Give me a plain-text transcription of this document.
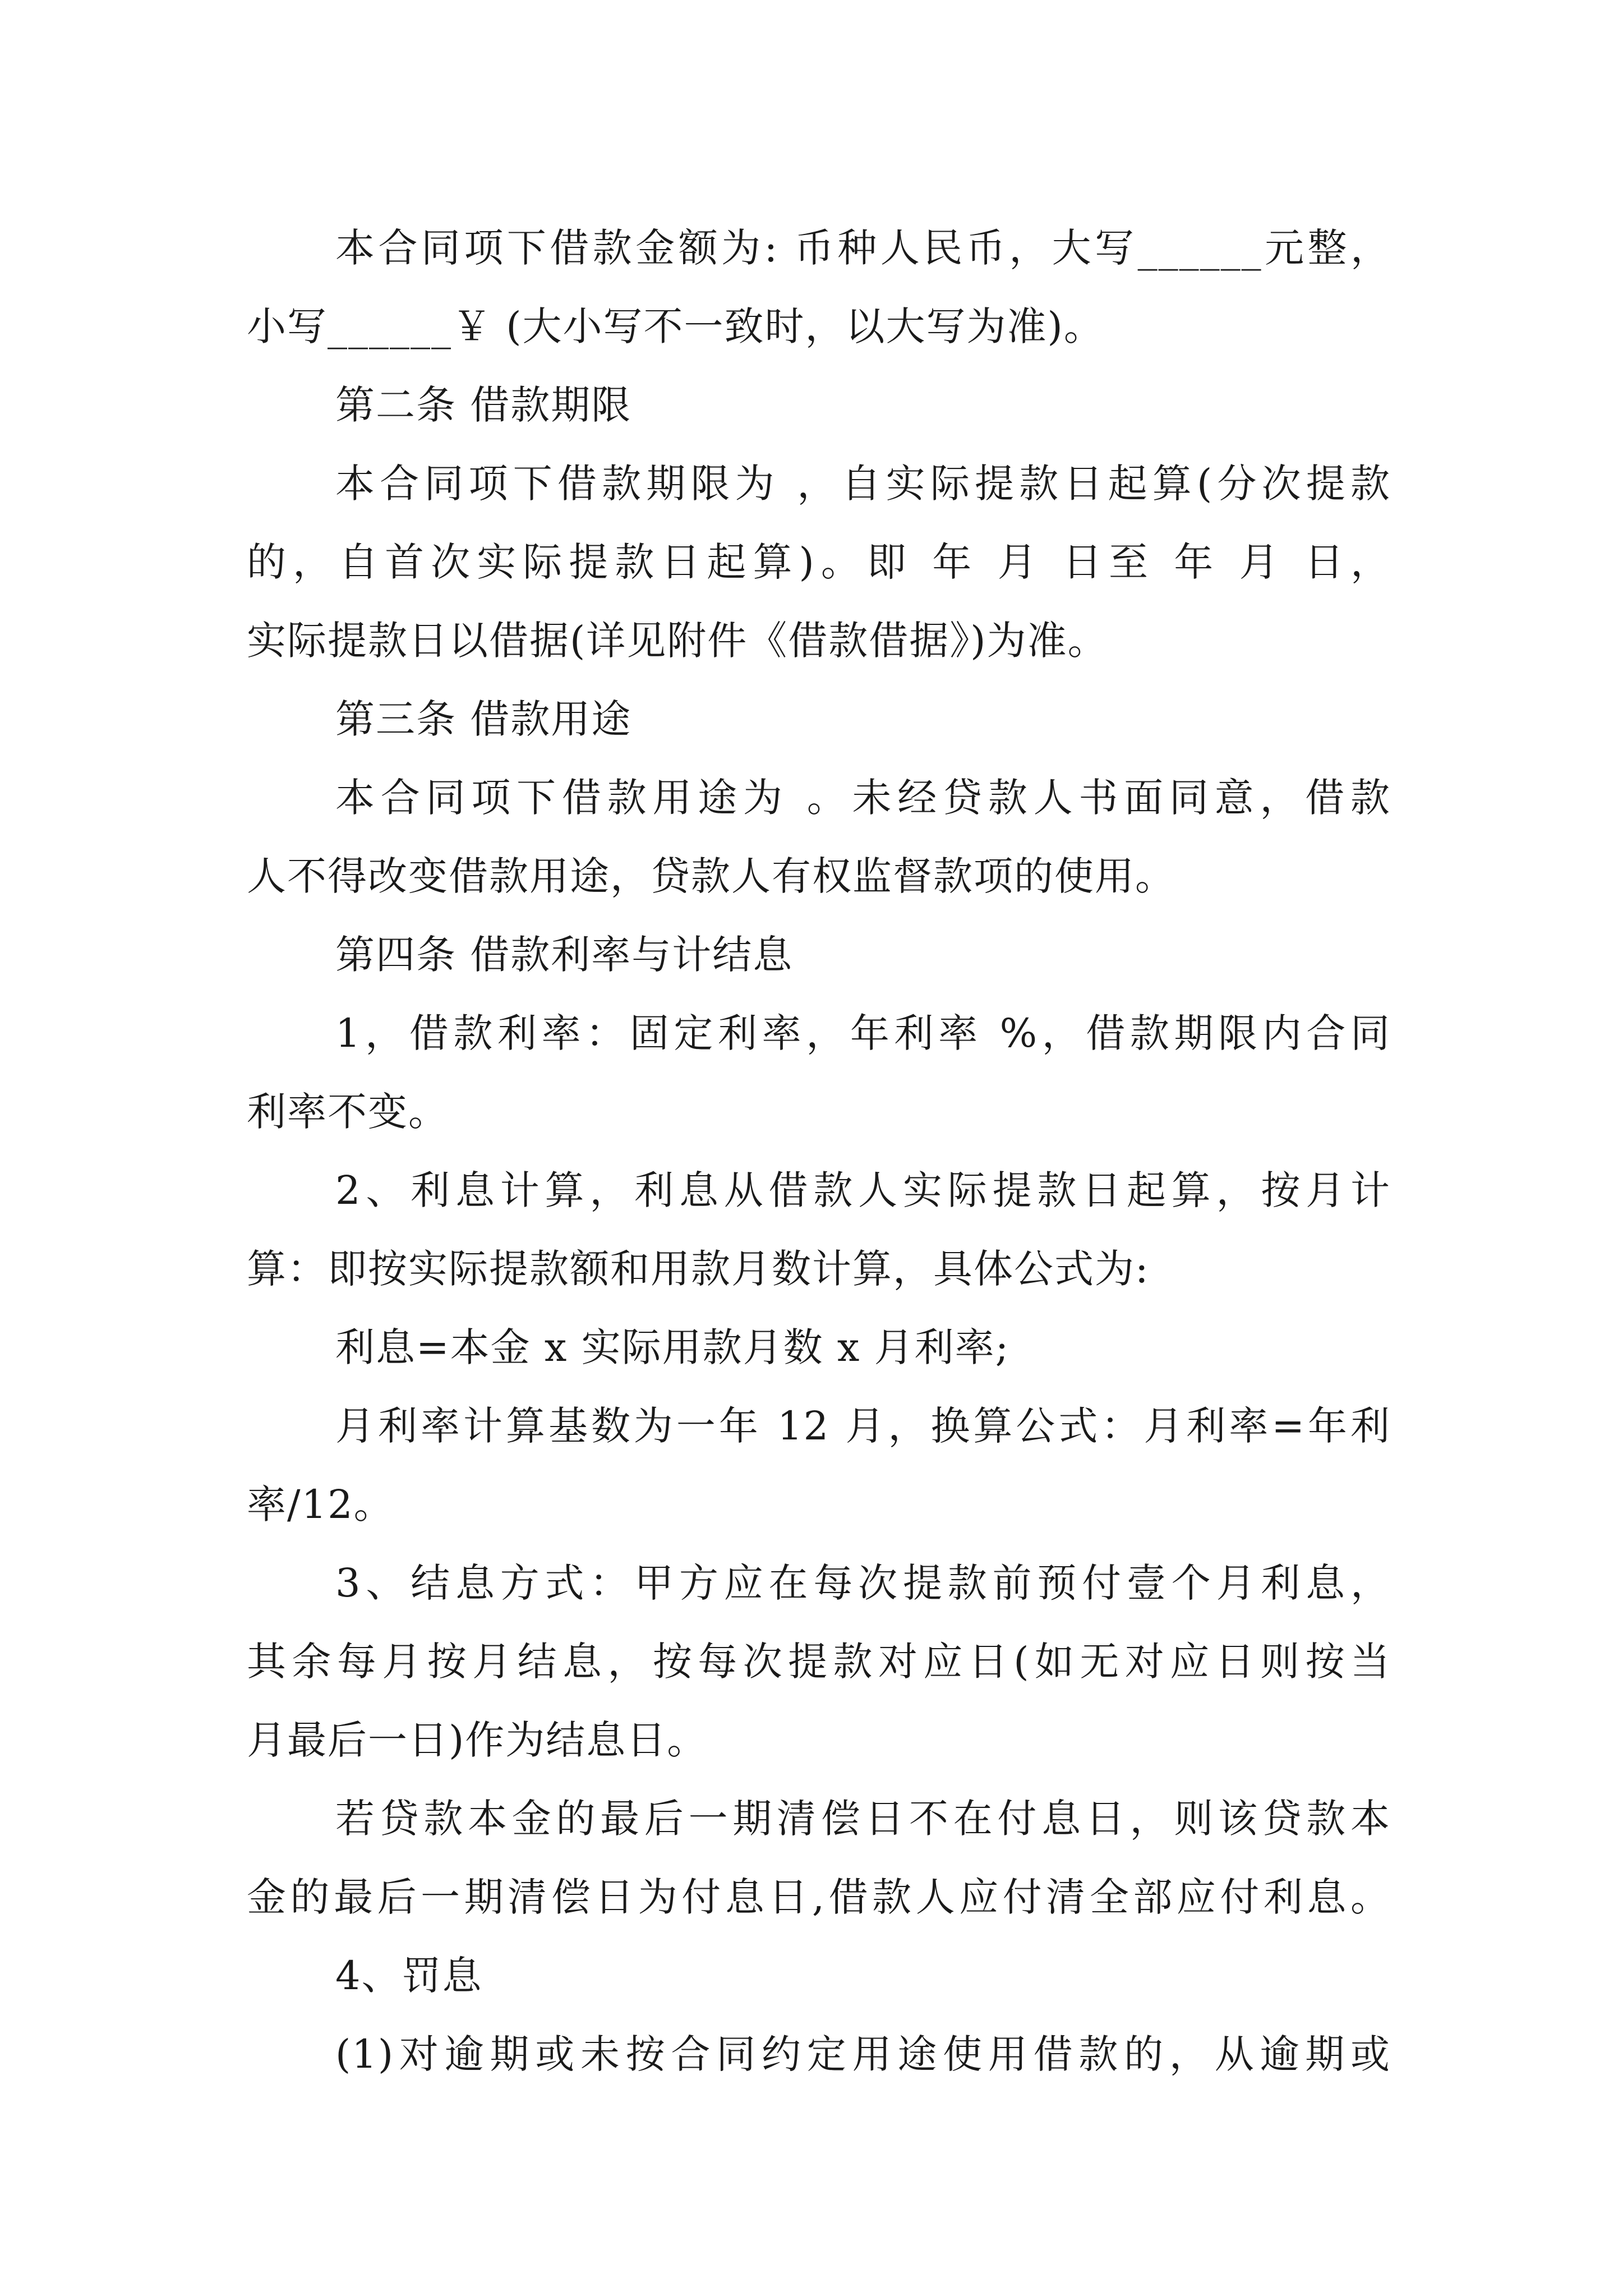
本合同项下借款金额为: 币种人民币，大写______元整，
小写______￥ (大小写不一致时，以大写为准)。
第二条 借款期限
本合同项下借款期限为 ，自实际提款日起算(分次提款
的，自首次实际提款日起算)。即 年 月 日至 年 月 日，
实际提款日以借据(详见附件《借款借据》)为准。
第三条 借款用途
本合同项下借款用途为 。未经贷款人书面同意，借款
人不得改变借款用途，贷款人有权监督款项的使用。
第四条 借款利率与计结息
1，借款利率：固定利率，年利率 %，借款期限内合同
利率不变。
2、利息计算，利息从借款人实际提款日起算，按月计
算：即按实际提款额和用款月数计算，具体公式为:
利息=本金 x 实际用款月数 x 月利率;
月利率计算基数为一年 12 月，换算公式：月利率=年利
率/12。
3、结息方式：甲方应在每次提款前预付壹个月利息，
其余每月按月结息，按每次提款对应日(如无对应日则按当
月最后一日)作为结息日。
若贷款本金的最后一期清偿日不在付息日，则该贷款本
金的最后一期清偿日为付息日,借款人应付清全部应付利息。
4、罚息
(1)对逾期或未按合同约定用途使用借款的，从逾期或
